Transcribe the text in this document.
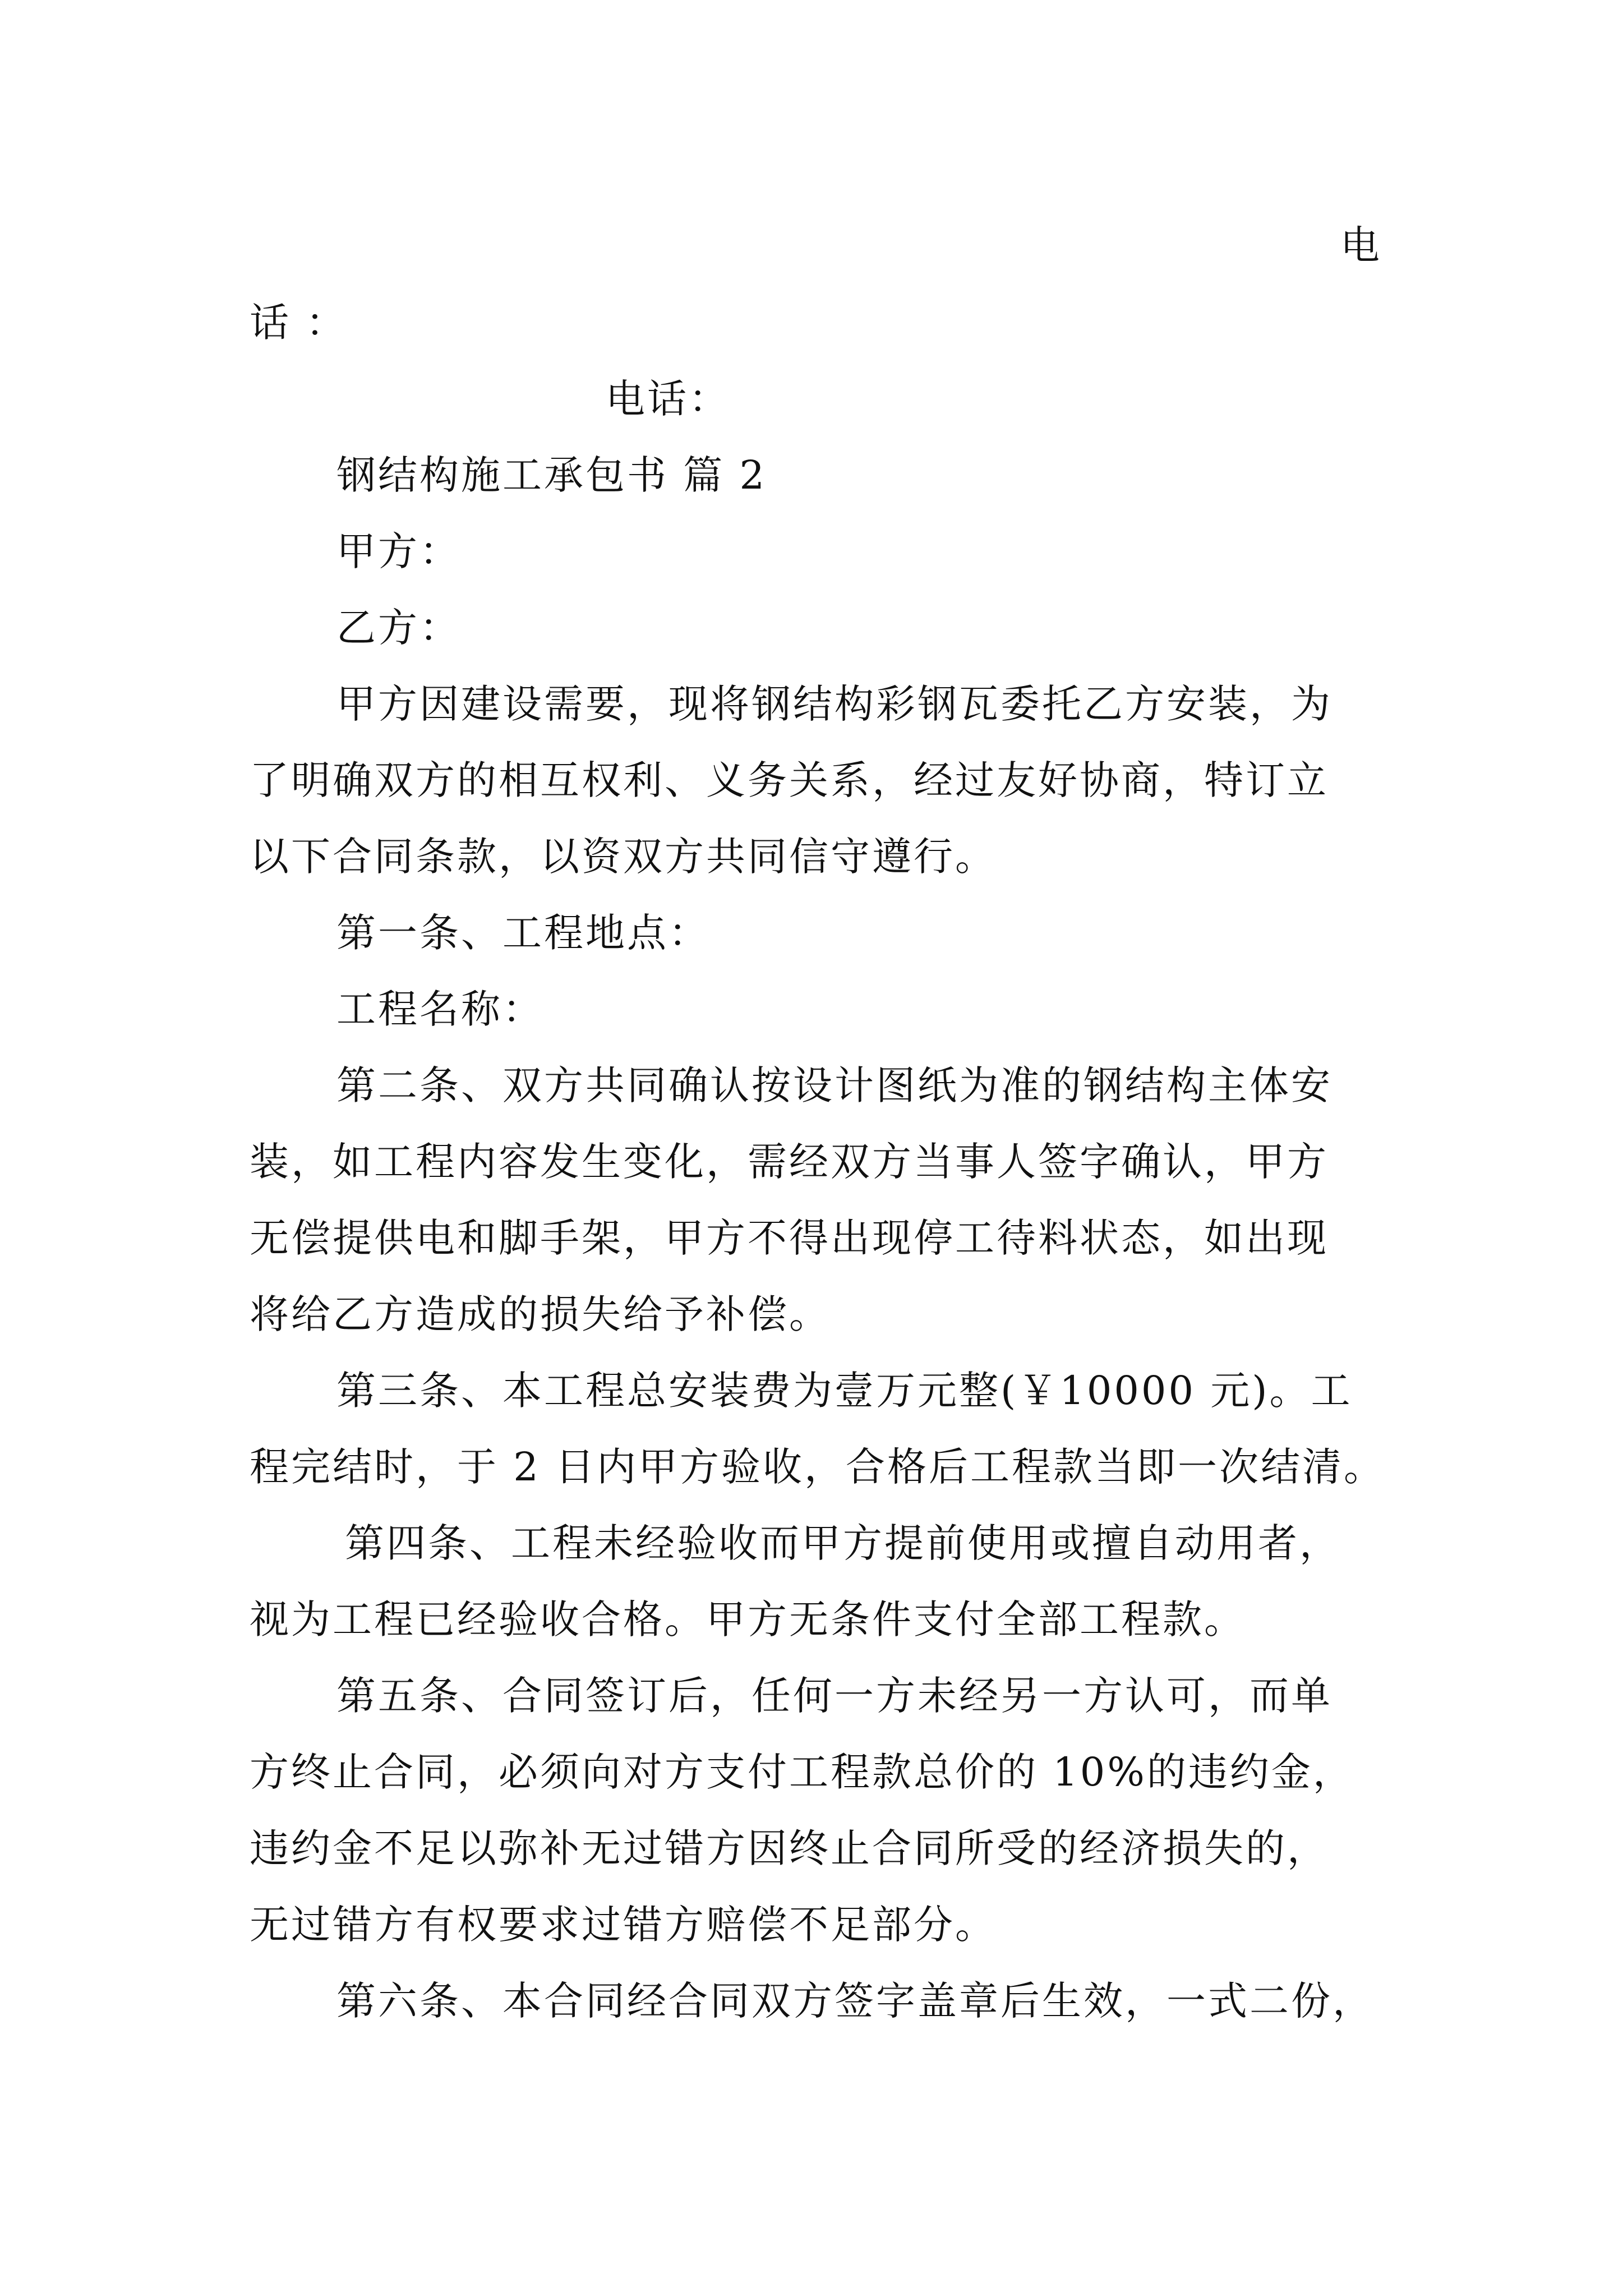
电
话 ：
电话：
钢结构施工承包书 篇 2
甲方：
乙方：
甲方因建设需要，现将钢结构彩钢瓦委托乙方安装，为
了明确双方的相互权利、义务关系，经过友好协商，特订立
以下合同条款，以资双方共同信守遵行。
第一条、工程地点：
工程名称：
第二条、双方共同确认按设计图纸为准的钢结构主体安
装，如工程内容发生变化，需经双方当事人签字确认，甲方
无偿提供电和脚手架，甲方不得出现停工待料状态，如出现
将给乙方造成的损失给予补偿。
第三条、本工程总安装费为壹万元整(￥10000 元)。工
程完结时，于 2 日内甲方验收，合格后工程款当即一次结清。
第四条、工程未经验收而甲方提前使用或擅自动用者，
视为工程已经验收合格。甲方无条件支付全部工程款。
第五条、合同签订后，任何一方未经另一方认可，而单
方终止合同，必须向对方支付工程款总价的 10%的违约金，
违约金不足以弥补无过错方因终止合同所受的经济损失的，
无过错方有权要求过错方赔偿不足部分。
第六条、本合同经合同双方签字盖章后生效，一式二份，
